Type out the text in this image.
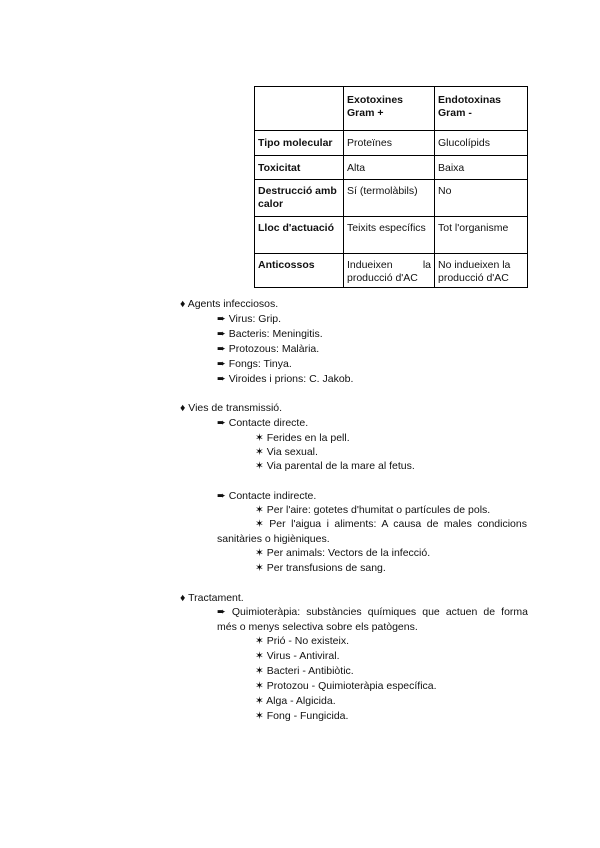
	Exotoxines Gram +	Endotoxinas Gram -
Tipo molecular	Proteïnes	Glucolípids
Toxicitat	Alta	Baixa
Destrucció amb calor	Sí (termolàbils)	No
Lloc d'actuació	Teixits específics	Tot l'organisme
Anticossos	Indueixen la producció d'AC	No indueixen la producció d'AC
♦ Agents infecciosos.
➨ Virus: Grip.
➨ Bacteris: Meningitis.
➨ Protozous: Malària.
➨ Fongs: Tinya.
➨ Viroides i prions: C. Jakob.
♦ Vies de transmissió.
➨ Contacte directe.
✶ Ferides en la pell.
✶ Via sexual.
✶ Via parental de la mare al fetus.
➨ Contacte indirecte.
✶ Per l'aire: gotetes d'humitat o partícules de pols.
✶ Per l'aigua i aliments: A causa de males condicions sanitàries o higièniques.
✶ Per animals: Vectors de la infecció.
✶ Per transfusions de sang.
♦ Tractament.
➨ Quimioteràpia: substàncies químiques que actuen de forma més o menys selectiva sobre els patògens.
✶ Prió - No existeix.
✶ Virus - Antiviral.
✶ Bacteri - Antibiòtic.
✶ Protozou - Quimioteràpia específica.
✶ Alga - Algicida.
✶ Fong - Fungicida.
